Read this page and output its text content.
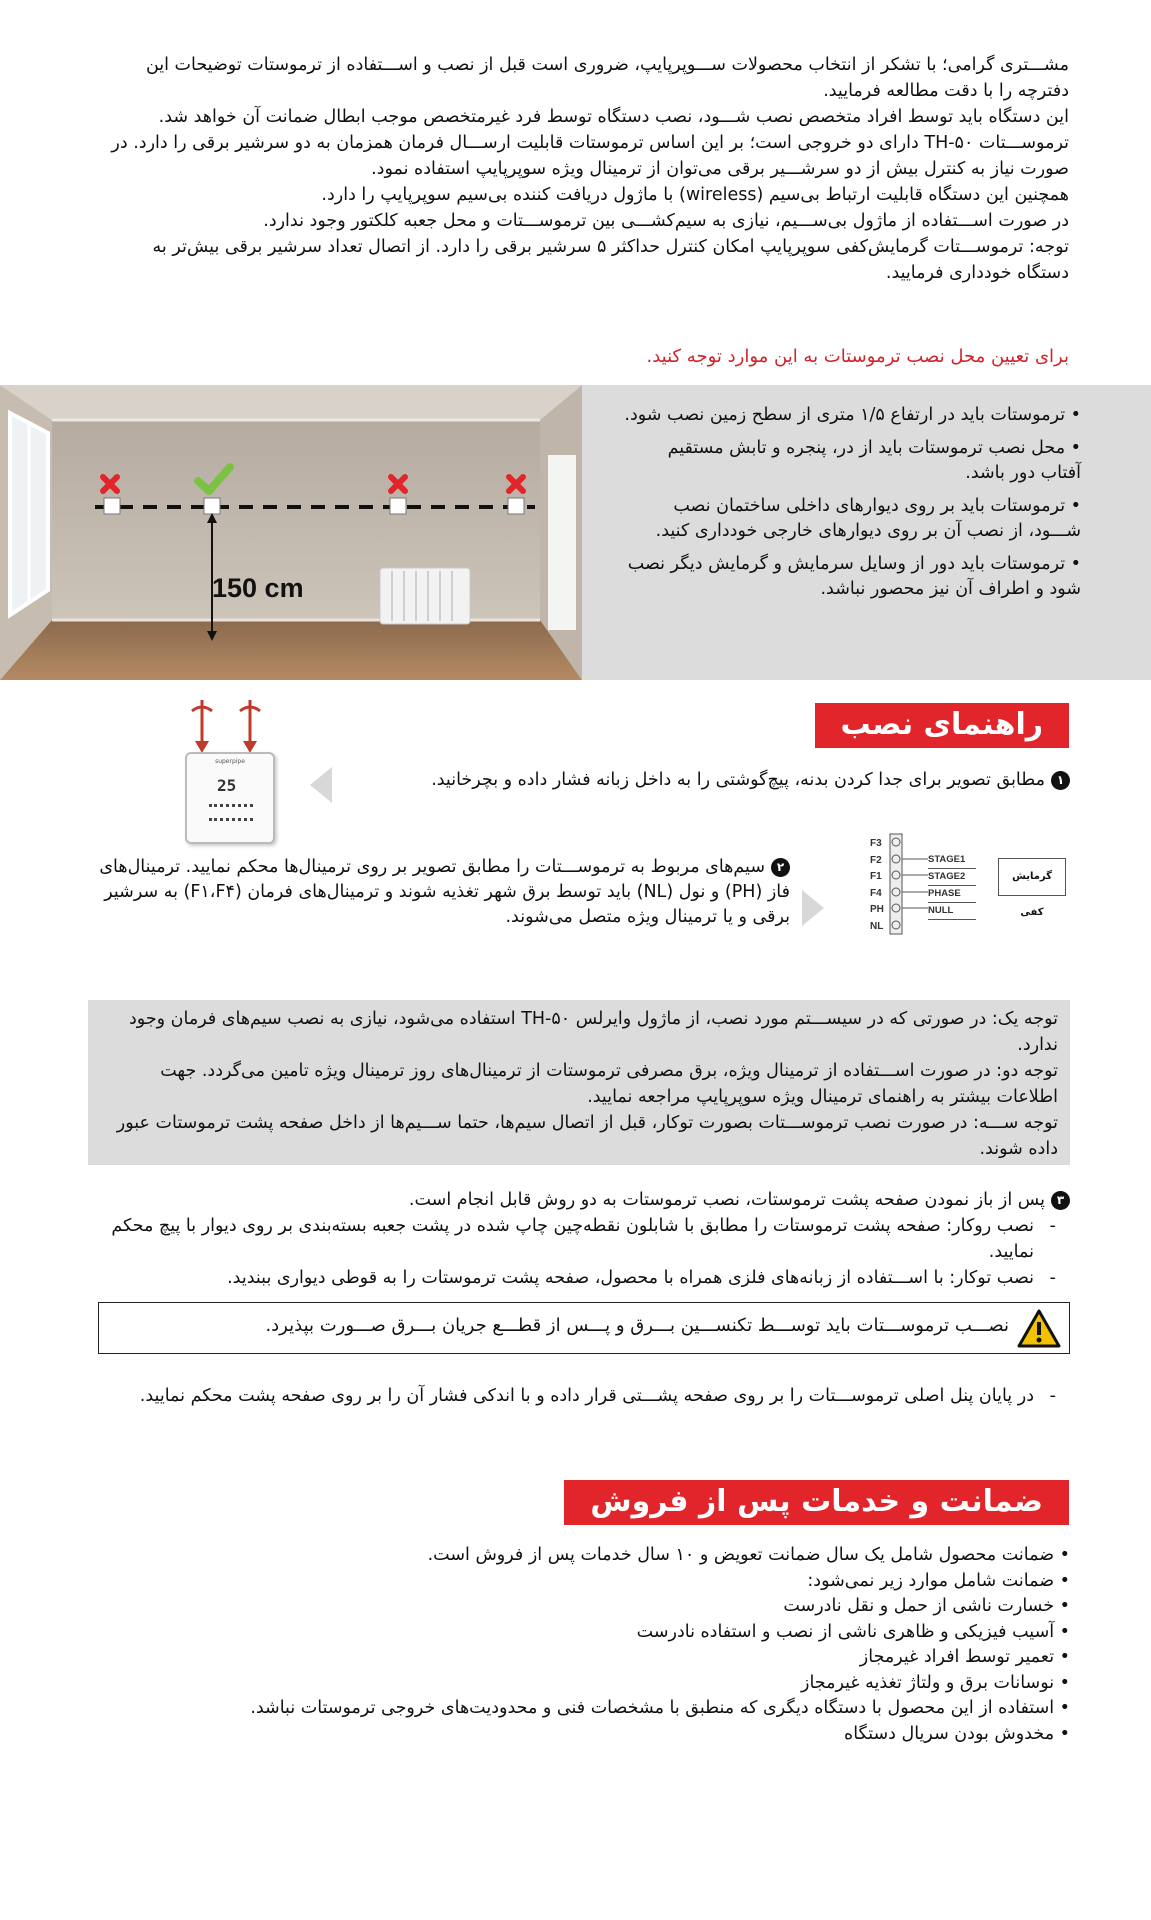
مشـــتری گرامی؛ با تشکر از انتخاب محصولات ســـوپرپایپ، ضروری است قبل از نصب و اســـتفاده از ترموستات توضیحات این دفترچه را با دقت مطالعه فرمایید.

این دستگاه باید توسط افراد متخصص نصب شـــود، نصب دستگاه توسط فرد غیرمتخصص موجب ابطال ضمانت آن خواهد شد.

ترموســـتات TH-۵۰ دارای دو خروجی است؛ بر این اساس ترموستات قابلیت ارســـال فرمان همزمان به دو سرشیر برقی را دارد. در صورت نیاز به کنترل بیش از دو سرشـــیر برقی می‌توان از ترمینال ویژه سوپرپایپ استفاده نمود.

همچنین این دستگاه قابلیت ارتباط بی‌سیم (wireless) با ماژول دریافت کننده بی‌سیم سوپرپایپ را دارد.

در صورت اســـتفاده از ماژول بی‌ســـیم، نیازی به سیم‌کشـــی بین ترموســـتات و محل جعبه کلکتور وجود ندارد.

توجه: ترموســـتات گرمایش‌کفی سوپرپایپ امکان کنترل حداکثر ۵ سرشیر برقی را دارد. از اتصال تعداد سرشیر برقی بیش‌تر به دستگاه خودداری فرمایید.

برای تعیین محل نصب ترموستات به این موارد توجه کنید.
150 cm
• ترموستات باید در ارتفاع ۱/۵ متری از سطح زمین نصب شود.
• محل نصب ترموستات باید از در، پنجره و تابش مستقیم آفتاب دور باشد.
• ترموستات باید بر روی دیوارهای داخلی ساختمان نصب شـــود، از نصب آن بر روی دیوارهای خارجی خودداری کنید.
• ترموستات باید دور از وسایل سرمایش و گرمایش دیگر نصب شود و اطراف آن نیز محصور نباشد.
راهنمای نصب
superpipe
25	۱مطابق تصویر برای جدا کردن بدنه، پیچ‌گوشتی را به داخل زبانه فشار داده و بچرخانید.
F3
F2
F1
F4
PH
NL
STAGE1
STAGE2
PHASE
NULL
گرمایش کفی

۲سیم‌های مربوط به ترموســـتات را مطابق تصویر بر روی ترمینال‌ها محکم نمایید. ترمینال‌های فاز (PH) و نول (NL) باید توسط برق شهر تغذیه شوند و ترمینال‌های فرمان (F۱،F۴) به سرشیر برقی و یا ترمینال ویژه متصل می‌شوند.

توجه یک: در صورتی که در سیســـتم مورد نصب، از ماژول وایرلس TH-۵۰ استفاده می‌شود، نیازی به نصب سیم‌های فرمان وجود ندارد.

توجه دو: در صورت اســـتفاده از ترمینال ویژه، برق مصرفی ترموستات از ترمینال‌های روز ترمینال ویژه تامین می‌گردد. جهت اطلاعات بیشتر به راهنمای ترمینال ویژه سوپرپایپ مراجعه نمایید.

توجه ســـه: در صورت نصب ترموســـتات بصورت توکار، قبل از اتصال سیم‌ها، حتما ســـیم‌ها از داخل صفحه پشت ترموستات عبور داده شوند.

۳پس از باز نمودن صفحه پشت ترموستات، نصب ترموستات به دو روش قابل انجام است.

- نصب روکار: صفحه پشت ترموستات را مطابق با شابلون نقطه‌چین چاپ شده در پشت جعبه بسته‌بندی بر روی دیوار با پیچ محکم نمایید.

- نصب توکار: با اســـتفاده از زبانه‌های فلزی همراه با محصول، صفحه پشت ترموستات را به قوطی دیواری ببندید.

نصـــب ترموســـتات باید توســـط تکنســـین بـــرق و پـــس از قطـــع جریان بـــرق صـــورت بپذیرد.

- در پایان پنل اصلی ترموســـتات را بر روی صفحه پشـــتی قرار داده و با اندکی فشار آن را بر روی صفحه پشت محکم نمایید.

ضمانت و خدمات پس از فروش
• ضمانت محصول شامل یک سال ضمانت تعویض و ۱۰ سال خدمات پس از فروش است.
• ضمانت شامل موارد زیر نمی‌شود:
• خسارت ناشی از حمل و نقل نادرست
• آسیب فیزیکی و ظاهری ناشی از نصب و استفاده نادرست
• تعمیر توسط افراد غیرمجاز
• نوسانات برق و ولتاژ تغذیه غیرمجاز
• استفاده از این محصول با دستگاه دیگری که منطبق با مشخصات فنی و محدودیت‌های خروجی ترموستات نباشد.
• مخدوش بودن سریال دستگاه
